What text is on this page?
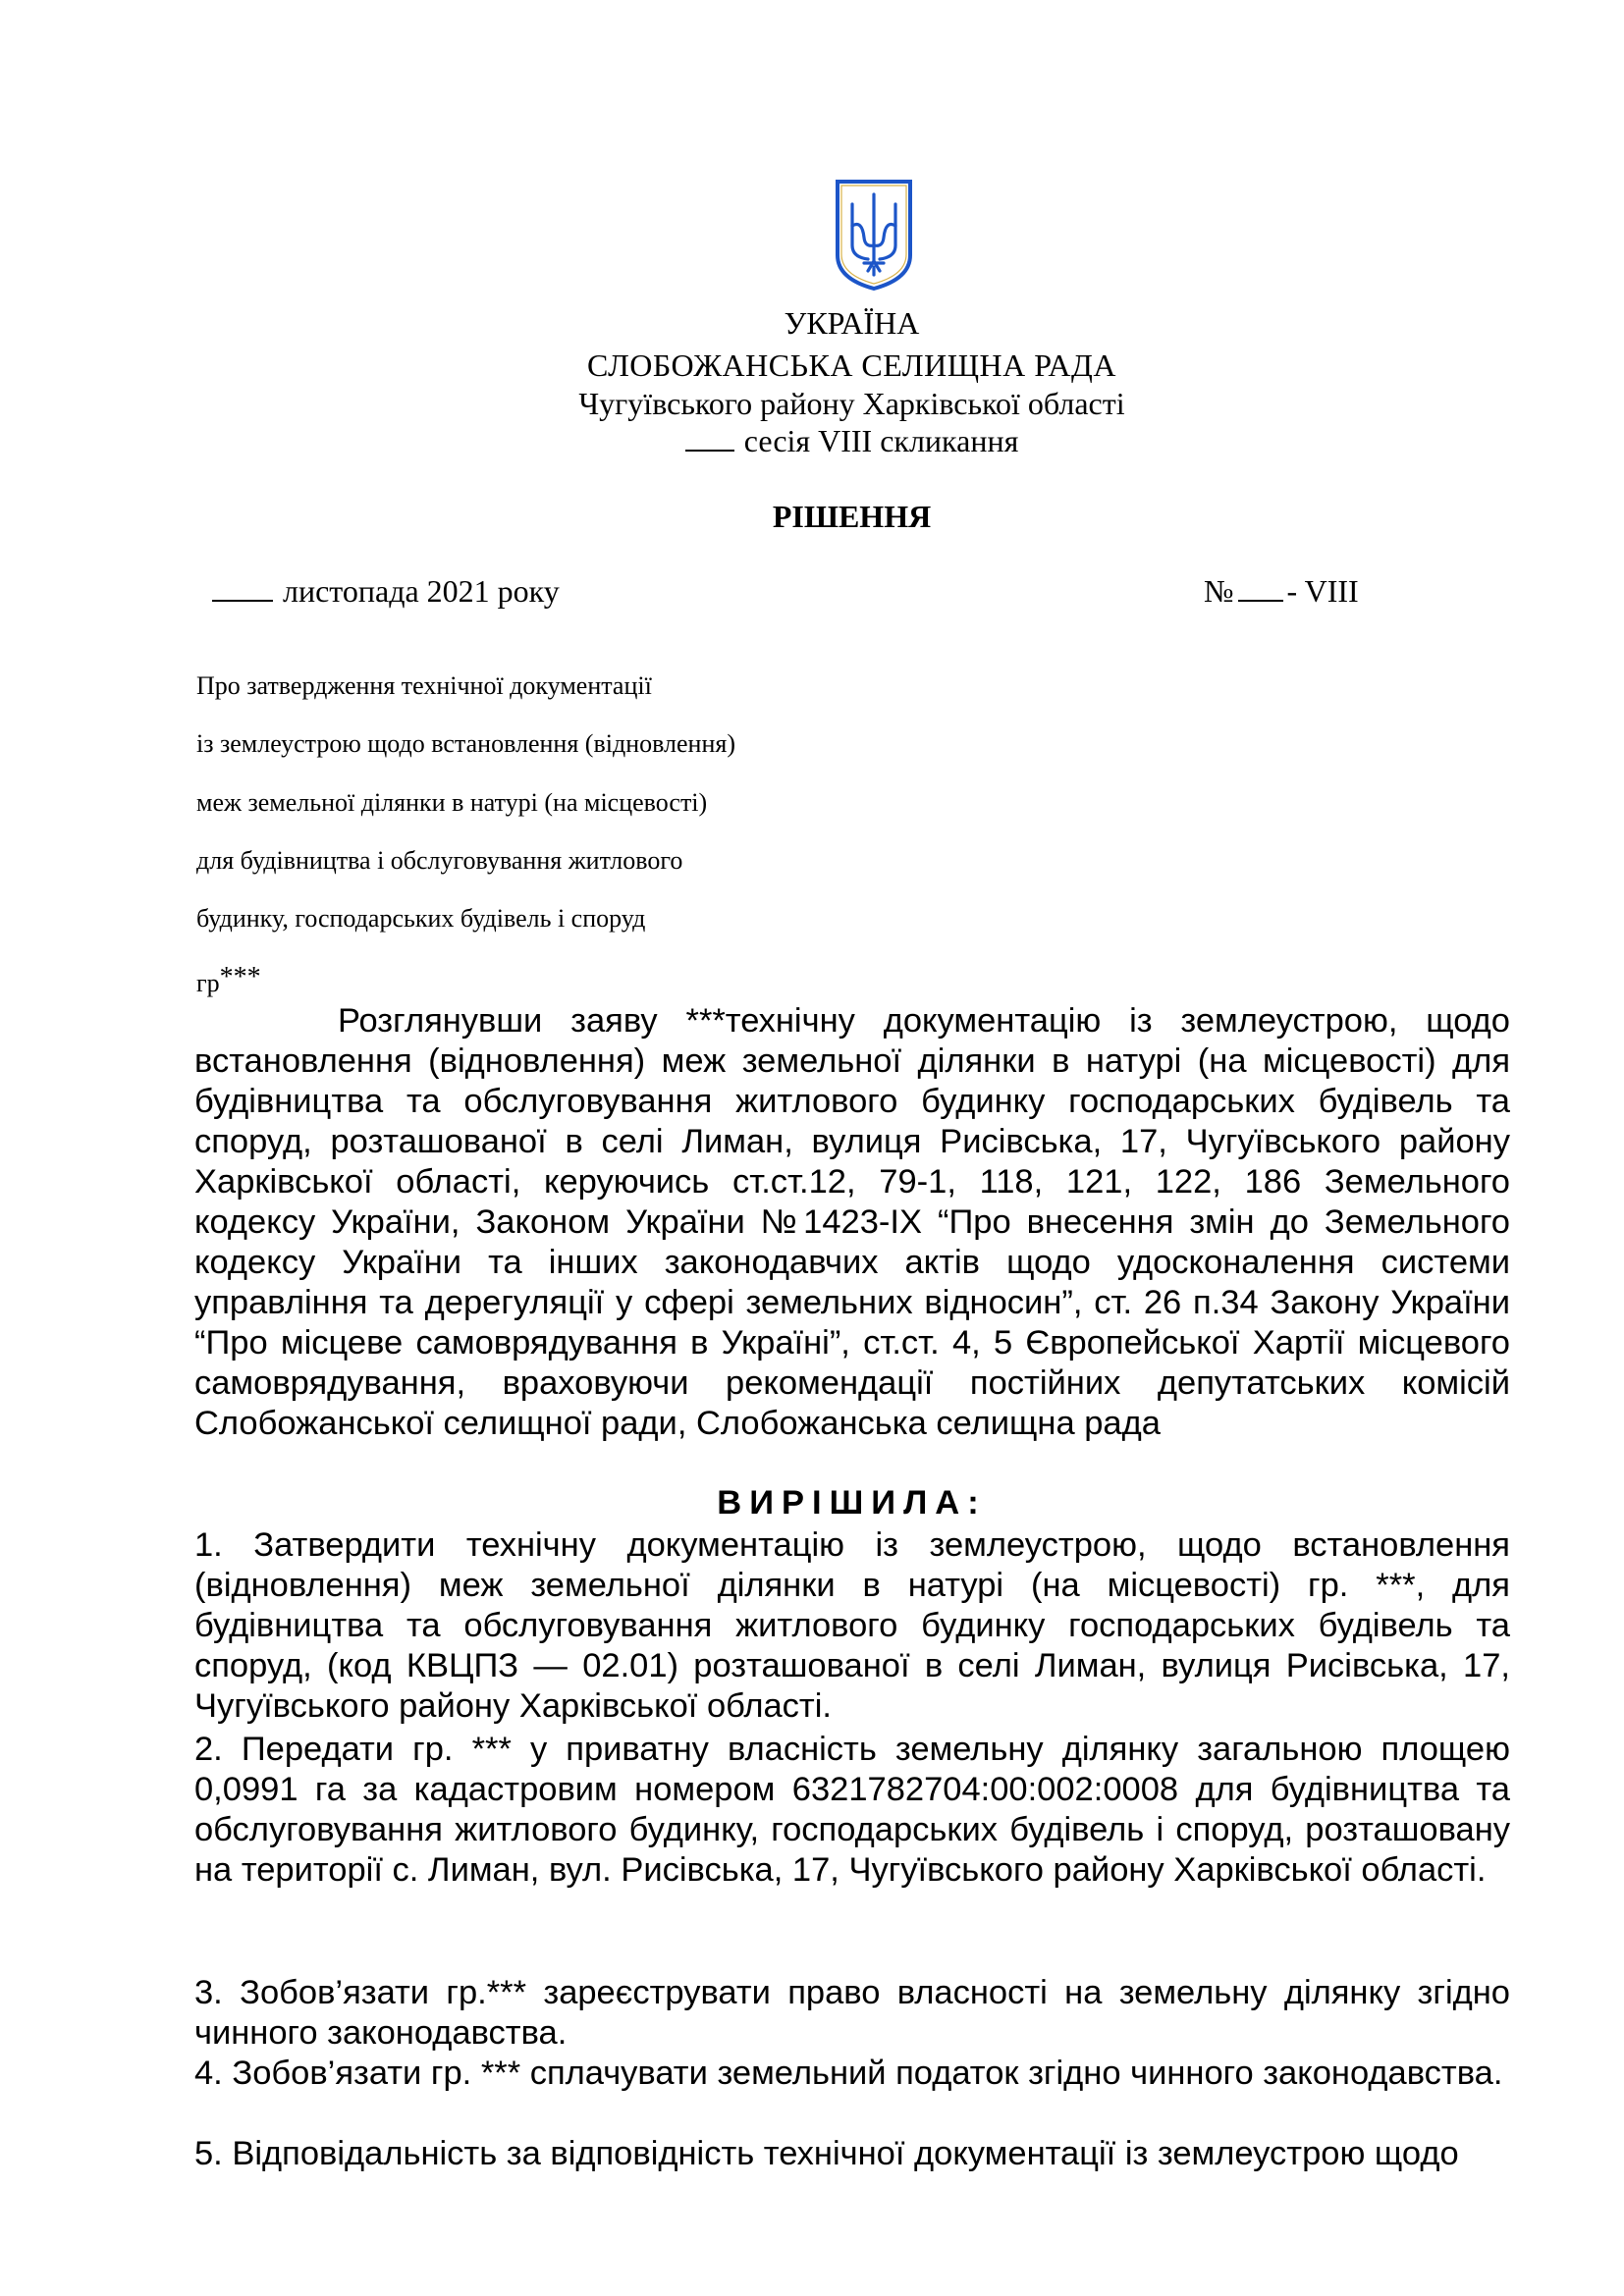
УКРАЇНА
СЛОБОЖАНСЬКА СЕЛИЩНА РАДА
Чугуївського району Харківської області
сесія VIII скликання
РІШЕННЯ
листопада 2021 року	№ - VIII
Про затвердження технічної документації
із землеустрою щодо встановлення (відновлення)
меж земельної ділянки в натурі (на місцевості)
для будівництва і обслуговування житлового
будинку, господарських будівель і споруд
гр***
Розглянувши заяву ***технічну документацію із землеустрою, щодо встановлення (відновлення) меж земельної ділянки в натурі (на місцевості) для будівництва та обслуговування житлового будинку господарських будівель та споруд, розташованої в селі Лиман, вулиця Рисівська, 17, Чугуївського району Харківської області, керуючись ст.ст.12, 79-1, 118, 121, 122, 186 Земельного кодексу України, Законом України №1423-IX “Про внесення змін до Земельного кодексу України та інших законодавчих актів щодо удосконалення системи управління та дерегуляції у сфері земельних відносин”, ст. 26 п.34 Закону України “Про місцеве самоврядування в Україні”, ст.ст. 4, 5 Європейської Хартії місцевого самоврядування, враховуючи рекомендації постійних депутатських комісій Слобожанської селищної ради, Слобожанська селищна рада
ВИРІШИЛА:
1. Затвердити технічну документацію із землеустрою, щодо встановлення (відновлення) меж земельної ділянки в натурі (на місцевості) гр. ***, для будівництва та обслуговування житлового будинку господарських будівель та споруд, (код КВЦПЗ — 02.01) розташованої в селі Лиман, вулиця Рисівська, 17, Чугуївського району Харківської області.
2. Передати гр. *** у приватну власність земельну ділянку загальною площею 0,0991 га за кадастровим номером 6321782704:00:002:0008 для будівництва та обслуговування житлового будинку, господарських будівель і споруд, розташовану на території с. Лиман, вул. Рисівська, 17, Чугуївського району Харківської області.
3. Зобов’язати гр.*** зареєструвати право власності на земельну ділянку згідно чинного законодавства.
4. Зобов’язати гр. *** сплачувати земельний податок згідно чинного законодавства.
5. Відповідальність за відповідність технічної документації із землеустрою щодо
